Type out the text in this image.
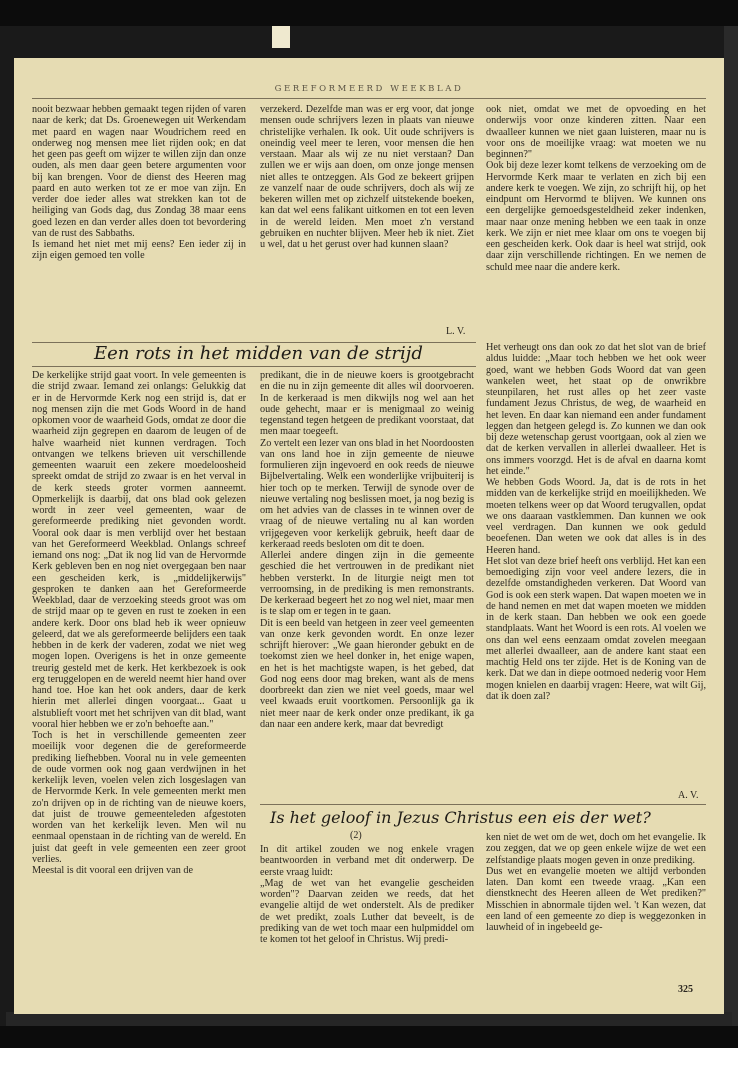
GEREFORMEERD WEEKBLAD
nooit bezwaar hebben gemaakt tegen rijden of varen naar de kerk; dat Ds. Groenewegen uit Werkendam met paard en wagen naar Woudrichem reed en onderweg nog mensen mee liet rijden ook; en dat het geen pas geeft om wijzer te willen zijn dan onze ouden, als men daar geen betere argumenten voor bij kan brengen. Voor de dienst des Heeren mag paard en auto werken tot ze er moe van zijn. En verder doe ieder alles wat strekken kan tot de heiliging van Gods dag, dus Zondag 38 maar eens goed lezen en dan verder alles doen tot bevordering van de rust des Sabbaths.
Is iemand het niet met mij eens? Een ieder zij in zijn eigen gemoed ten volle
verzekerd. Dezelfde man was er erg voor, dat jonge mensen oude schrijvers lezen in plaats van nieuwe christelijke verhalen. Ik ook. Uit oude schrijvers is oneindig veel meer te leren, voor mensen die hen verstaan. Maar als wij ze nu niet verstaan? Dan zullen we er wijs aan doen, om onze jonge mensen niet alles te ontzeggen. Als God ze bekeert grijpen ze vanzelf naar de oude schrijvers, doch als wij ze bekeren willen met op zichzelf uitstekende boeken, kan dat wel eens falikant uitkomen en tot een leven in de wereld leiden. Men moet z'n verstand gebruiken en nuchter blijven. Meer heb ik niet. Ziet u wel, dat u het gerust over had kunnen slaan?
L. V.
ook niet, omdat we met de opvoeding en het onderwijs voor onze kinderen zitten. Naar een dwaalleer kunnen we niet gaan luisteren, maar nu is voor ons de moeilijke vraag: wat moeten we nu beginnen?"
Ook bij deze lezer komt telkens de verzoeking om de Hervormde Kerk maar te verlaten en zich bij een andere kerk te voegen. We zijn, zo schrijft hij, op het eindpunt om Hervormd te blijven. We kunnen ons een dergelijke gemoedsgesteldheid zeker indenken, maar naar onze mening hebben we een taak in onze kerk. We zijn er niet mee klaar om ons te voegen bij een gescheiden kerk. Ook daar is heel wat strijd, ook daar zijn verschillende richtingen. En we nemen de schuld mee naar die andere kerk.
Een rots in het midden van de strijd
De kerkelijke strijd gaat voort. In vele gemeenten is die strijd zwaar. Iemand zei onlangs: Gelukkig dat er in de Hervormde Kerk nog een strijd is, dat er nog mensen zijn die met Gods Woord in de hand opkomen voor de waarheid Gods, omdat ze door die waarheid zijn gegrepen en daarom de leugen of de halve waarheid niet kunnen verdragen. Toch ontvangen we telkens brieven uit verschillende gemeenten waaruit een zekere moedeloosheid spreekt omdat de strijd zo zwaar is en het verval in de kerk steeds groter vormen aanneemt. Opmerkelijk is daarbij, dat ons blad ook gelezen wordt in zeer veel gemeenten, waar de gereformeerde prediking niet gevonden wordt. Vooral ook daar is men verblijd over het bestaan van het Gereformeerd Weekblad. Onlangs schreef iemand ons nog: „Dat ik nog lid van de Hervormde Kerk gebleven ben en nog niet overgegaan ben naar een gescheiden kerk, is „middelijkerwijs" gesproken te danken aan het Gereformeerde Weekblad, daar de verzoeking steeds groot was om de strijd maar op te geven en rust te zoeken in een andere kerk. Door ons blad heb ik weer opnieuw geleerd, dat we als gereformeerde belijders een taak hebben in de kerk der vaderen, zodat we niet weg mogen lopen. Overigens is het in onze gemeente treurig gesteld met de kerk. Het kerkbezoek is ook erg teruggelopen en de wereld neemt hier hand over hand toe. Hoe kan het ook anders, daar de kerk hierin met allerlei dingen voorgaat... Gaat u alstublieft voort met het schrijven van dit blad, want vooral hier hebben we er zo'n behoefte aan."
Toch is het in verschillende gemeenten zeer moeilijk voor degenen die de gereformeerde prediking liefhebben. Vooral nu in vele gemeenten de oude vormen ook nog gaan verdwijnen in het kerkelijk leven, voelen velen zich losgeslagen van de Hervormde Kerk. In vele gemeenten merkt men zo'n drijven op in de richting van de nieuwe koers, dat juist de trouwe gemeenteleden afgestoten worden van het kerkelijk leven. Men wil nu eenmaal openstaan in de richting van de wereld. En juist dat geeft in vele gemeenten een zeer groot verlies.
Meestal is dit vooral een drijven van de
predikant, die in de nieuwe koers is grootgebracht en die nu in zijn gemeente dit alles wil doorvoeren. In de kerkeraad is men dikwijls nog wel aan het oude gehecht, maar er is menigmaal zo weinig tegenstand tegen hetgeen de predikant voorstaat, dat men maar toegeeft.
Zo vertelt een lezer van ons blad in het Noordoosten van ons land hoe in zijn gemeente de nieuwe formulieren zijn ingevoerd en ook reeds de nieuwe Bijbelvertaling. Welk een wonderlijke vrijbuiterij is hier toch op te merken. Terwijl de synode over de nieuwe vertaling nog beslissen moet, ja nog bezig is om het advies van de classes in te winnen over de vraag of de nieuwe vertaling nu al kan worden vrijgegeven voor kerkelijk gebruik, heeft daar de kerkeraad reeds besloten om dit te doen.
Allerlei andere dingen zijn in die gemeente geschied die het vertrouwen in de predikant niet hebben versterkt. In de liturgie neigt men tot verroomsing, in de prediking is men remonstrants. De kerkeraad begeert het zo nog wel niet, maar men is te slap om er tegen in te gaan.
Dit is een beeld van hetgeen in zeer veel gemeenten van onze kerk gevonden wordt. En onze lezer schrijft hierover: „We gaan hieronder gebukt en de toekomst zien we heel donker in, het enige wapen, en het is het machtigste wapen, is het gebed, dat God nog eens door mag breken, want als de mens doorbreekt dan zien we niet veel goeds, maar wel veel kwaads eruit voortkomen. Persoonlijk ga ik niet meer naar de kerk onder onze predikant, ik ga dan naar een andere kerk, maar dat bevredigt
Het verheugt ons dan ook zo dat het slot van de brief aldus luidde: „Maar toch hebben we het ook weer goed, want we hebben Gods Woord dat van geen wankelen weet, het staat op de onwrikbre steunpilaren, het rust alles op het zeer vaste fundament Jezus Christus, de weg, de waarheid en het leven. En daar kan niemand een ander fundament leggen dan hetgeen gelegd is. Zo kunnen we dan ook bij deze wetenschap gerust voortgaan, ook al zien we dat de kerken vervallen in allerlei dwaalleer. Het is ons immers voorzgd. Het is de afval en daarna komt het einde."
We hebben Gods Woord. Ja, dat is de rots in het midden van de kerkelijke strijd en moeilijkheden. We moeten telkens weer op dat Woord terugvallen, opdat we ons daaraan vastklemmen. Dan kunnen we ook veel verdragen. Dan kunnen we ook geduld beoefenen. Dan weten we ook dat alles is in des Heeren hand.
Het slot van deze brief heeft ons verblijd. Het kan een bemoediging zijn voor veel andere lezers, die in dezelfde omstandigheden verkeren. Dat Woord van God is ook een sterk wapen. Dat wapen moeten we in de hand nemen en met dat wapen moeten we midden in de kerk staan. Dan hebben we ook een goede standplaats. Want het Woord is een rots. Al voelen we ons dan wel eens eenzaam omdat zovelen meegaan met allerlei dwaalleer, aan de andere kant staat een machtig Held ons ter zijde. Het is de Koning van de kerk. Dat we dan in diepe ootmoed nederig voor Hem mogen knielen en daarbij vragen: Heere, wat wilt Gij, dat ik doen zal?
A. V.
Is het geloof in Jezus Christus een eis der wet?
(2)
In dit artikel zouden we nog enkele vragen beantwoorden in verband met dit onderwerp. De eerste vraag luidt:
„Mag de wet van het evangelie gescheiden worden"? Daarvan zeiden we reeds, dat het evangelie altijd de wet onderstelt. Als de prediker de wet predikt, zoals Luther dat beveelt, is de prediking van de wet toch maar een hulpmiddel om te komen tot het geloof in Christus. Wij predi-
ken niet de wet om de wet, doch om het evangelie. Ik zou zeggen, dat we op geen enkele wijze de wet een zelfstandige plaats mogen geven in onze prediking.
Dus wet en evangelie moeten we altijd verbonden laten. Dan komt een tweede vraag. „Kan een dienstknecht des Heeren alleen de Wet prediken?" Misschien in abnormale tijden wel. 't Kan wezen, dat een land of een gemeente zo diep is weggezonken in lauwheid of in ingebeeld ge-
325
